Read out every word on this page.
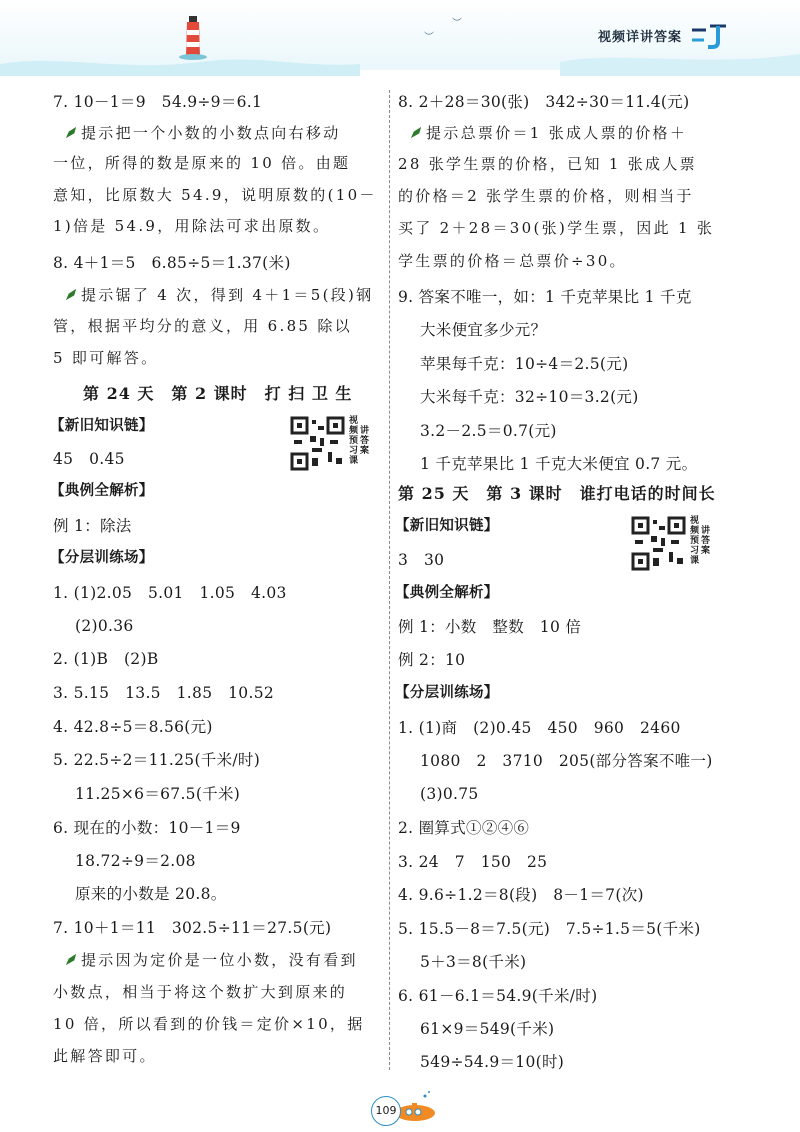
︶
︶	视频详讲答案
7. 10－1＝9　54.9÷9＝6.1
提示把一个小数的小数点向右移动
一位，所得的数是原来的 10 倍。由题
意知，比原数大 54.9，说明原数的(10－
1)倍是 54.9，用除法可求出原数。
8. 4＋1＝5　6.85÷5＝1.37(米)
提示锯了 4 次，得到 4＋1＝5(段)钢
管，根据平均分的意义，用 6.85 除以
5 即可解答。
第 24 天　第 2 课时　打 扫 卫 生
【新旧知识链】
45　0.45
视频预习课
讲答案
【典例全解析】
例 1：除法
【分层训练场】
1. (1)2.05　5.01　1.05　4.03
(2)0.36
2. (1)B　(2)B
3. 5.15　13.5　1.85　10.52
4. 42.8÷5＝8.56(元)
5. 22.5÷2＝11.25(千米/时)
11.25×6＝67.5(千米)
6. 现在的小数：10－1＝9
18.72÷9＝2.08
原来的小数是 20.8。
7. 10＋1＝11　302.5÷11＝27.5(元)
提示因为定价是一位小数，没有看到
小数点，相当于将这个数扩大到原来的
10 倍，所以看到的价钱＝定价×10，据
此解答即可。
8. 2＋28＝30(张)　342÷30＝11.4(元)
提示总票价＝1 张成人票的价格＋
28 张学生票的价格，已知 1 张成人票
的价格＝2 张学生票的价格，则相当于
买了 2＋28＝30(张)学生票，因此 1 张
学生票的价格＝总票价÷30。
9. 答案不唯一，如：1 千克苹果比 1 千克
大米便宜多少元？
苹果每千克：10÷4＝2.5(元)
大米每千克：32÷10＝3.2(元)
3.2－2.5＝0.7(元)
1 千克苹果比 1 千克大米便宜 0.7 元。
第 25 天　第 3 课时　谁打电话的时间长
【新旧知识链】
3　30
视频预习课
讲答案
【典例全解析】
例 1：小数　整数　10 倍
例 2：10
【分层训练场】
1. (1)商　(2)0.45　450　960　2460
1080　2　3710　205(部分答案不唯一)
(3)0.75
2. 圈算式①②④⑥
3. 24　7　150　25
4. 9.6÷1.2＝8(段)　8－1＝7(次)
5. 15.5－8＝7.5(元)　7.5÷1.5＝5(千米)
5＋3＝8(千米)
6. 61－6.1＝54.9(千米/时)
61×9＝549(千米)
549÷54.9＝10(时)
109
